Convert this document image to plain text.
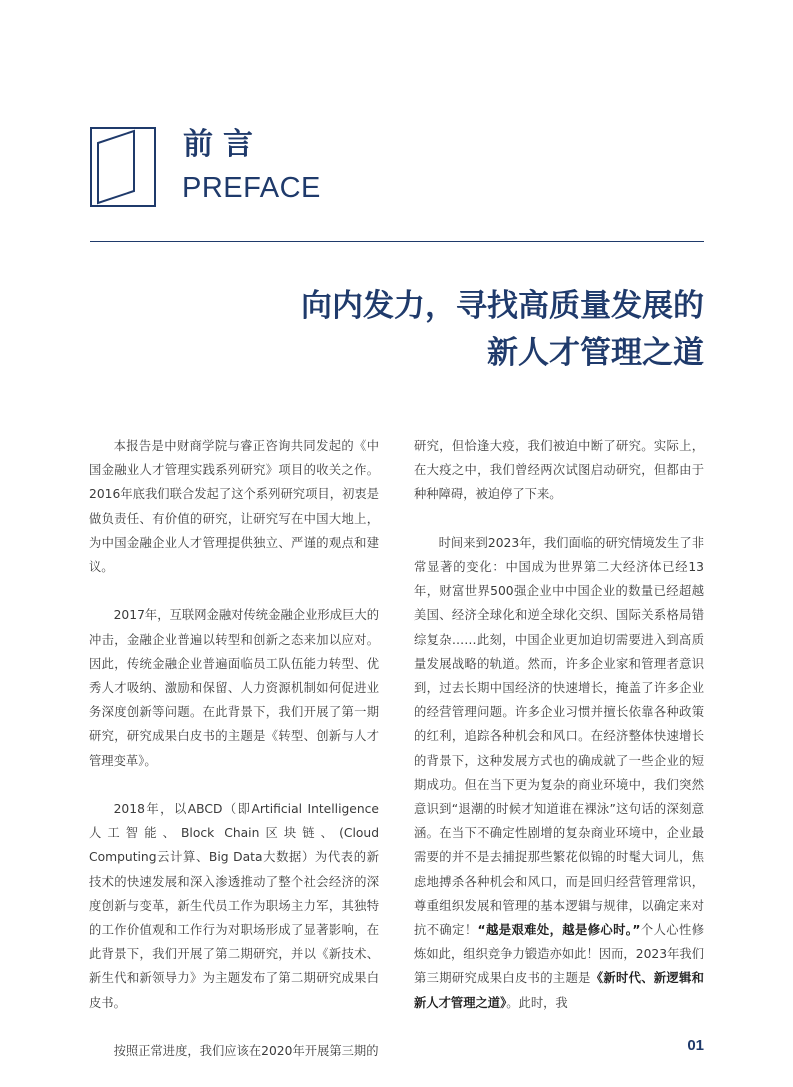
前言
PREFACE
向内发力，寻找高质量发展的
新人才管理之道

本报告是中财商学院与睿正咨询共同发起的《中国金融业人才管理实践系列研究》项目的收关之作。2016年底我们联合发起了这个系列研究项目，初衷是做负责任、有价值的研究，让研究写在中国大地上，为中国金融企业人才管理提供独立、严谨的观点和建议。

2017年，互联网金融对传统金融企业形成巨大的冲击，金融企业普遍以转型和创新之态来加以应对。因此，传统金融企业普遍面临员工队伍能力转型、优秀人才吸纳、激励和保留、人力资源机制如何促进业务深度创新等问题。在此背景下，我们开展了第一期研究，研究成果白皮书的主题是《转型、创新与人才管理变革》。

2018年，以ABCD（即Artificial Intelligence人工智能、Block Chain区块链、(Cloud Computing云计算、Big Data大数据）为代表的新技术的快速发展和深入渗透推动了整个社会经济的深度创新与变革，新生代员工作为职场主力军，其独特的工作价值观和工作行为对职场形成了显著影响，在此背景下，我们开展了第二期研究，并以《新技术、新生代和新领导力》为主题发布了第二期研究成果白皮书。

按照正常进度，我们应该在2020年开展第三期的

研究，但恰逢大疫，我们被迫中断了研究。实际上，在大疫之中，我们曾经两次试图启动研究，但都由于种种障碍，被迫停了下来。

时间来到2023年，我们面临的研究情境发生了非常显著的变化：中国成为世界第二大经济体已经13年，财富世界500强企业中中国企业的数量已经超越美国、经济全球化和逆全球化交织、国际关系格局错综复杂……此刻，中国企业更加迫切需要进入到高质量发展战略的轨道。然而，许多企业家和管理者意识到，过去长期中国经济的快速增长，掩盖了许多企业的经营管理问题。许多企业习惯并擅长依靠各种政策的红利，追踪各种机会和风口。在经济整体快速增长的背景下，这种发展方式也的确成就了一些企业的短期成功。但在当下更为复杂的商业环境中，我们突然意识到“退潮的时候才知道谁在裸泳”这句话的深刻意涵。在当下不确定性剧增的复杂商业环境中，企业最需要的并不是去捕捉那些繁花似锦的时髦大词儿，焦虑地搏杀各种机会和风口，而是回归经营管理常识，尊重组织发展和管理的基本逻辑与规律，以确定来对抗不确定！“越是艰难处，越是修心时。”个人心性修炼如此，组织竞争力锻造亦如此！因而，2023年我们第三期研究成果白皮书的主题是《新时代、新逻辑和新人才管理之道》。此时，我

01
